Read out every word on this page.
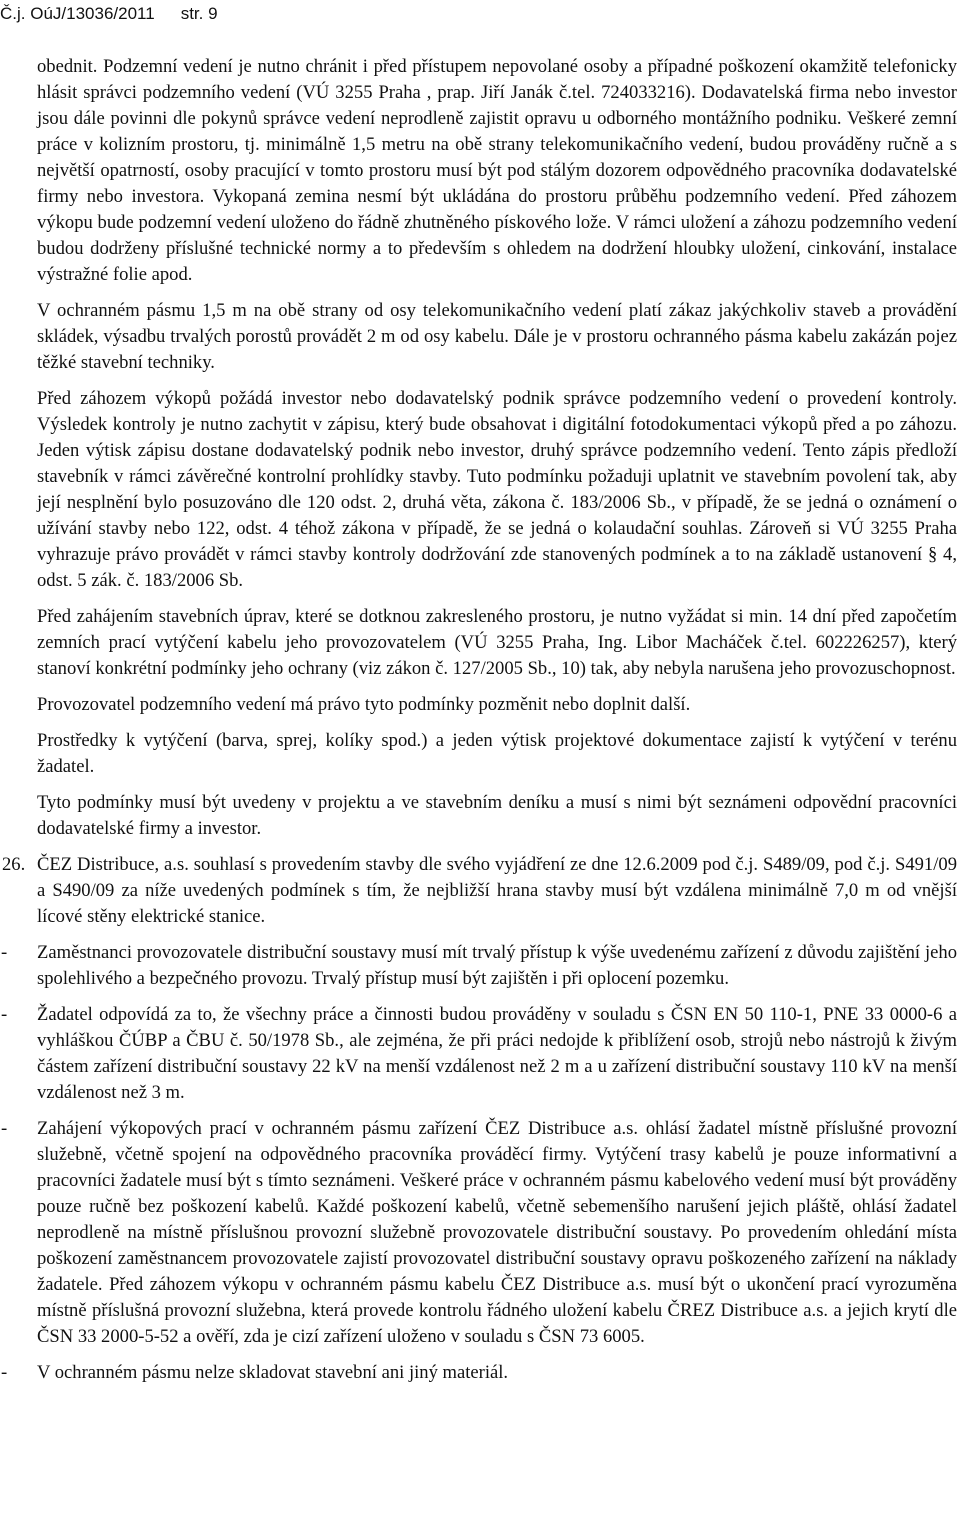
Č.j. OúJ/13036/2011 str. 9

obednit. Podzemní vedení je nutno chránit i před přístupem nepovolané osoby a případné poškození okamžitě telefonicky hlásit správci podzemního vedení (VÚ 3255 Praha , prap. Jiří Janák č.tel. 724033216). Dodavatelská firma nebo investor jsou dále povinni dle pokynů správce vedení neprodleně zajistit opravu u odborného montážního podniku. Veškeré zemní práce v kolizním prostoru, tj. minimálně 1,5 metru na obě strany telekomunikačního vedení, budou prováděny ručně a s největší opatrností, osoby pracující v tomto prostoru musí být pod stálým dozorem odpovědného pracovníka dodavatelské firmy nebo investora. Vykopaná zemina nesmí být ukládána do prostoru průběhu podzemního vedení. Před záhozem výkopu bude podzemní vedení uloženo do řádně zhutněného pískového lože. V rámci uložení a záhozu podzemního vedení budou dodrženy příslušné technické normy a to především s ohledem na dodržení hloubky uložení, cinkování, instalace výstražné folie apod.

V ochranném pásmu 1,5 m na obě strany od osy telekomunikačního vedení platí zákaz jakýchkoliv staveb a provádění skládek, výsadbu trvalých porostů provádět 2 m od osy kabelu. Dále je v prostoru ochranného pásma kabelu zakázán pojez těžké stavební techniky.

Před záhozem výkopů požádá investor nebo dodavatelský podnik správce podzemního vedení o provedení kontroly. Výsledek kontroly je nutno zachytit v zápisu, který bude obsahovat i digitální fotodokumentaci výkopů před a po záhozu. Jeden výtisk zápisu dostane dodavatelský podnik nebo investor, druhý správce podzemního vedení. Tento zápis předloží stavebník v rámci závěrečné kontrolní prohlídky stavby. Tuto podmínku požaduji uplatnit ve stavebním povolení tak, aby její nesplnění bylo posuzováno dle 120 odst. 2, druhá věta, zákona č. 183/2006 Sb., v případě, že se jedná o oznámení o užívání stavby nebo 122, odst. 4 téhož zákona v případě, že se jedná o kolaudační souhlas. Zároveň si VÚ 3255 Praha vyhrazuje právo provádět v rámci stavby kontroly dodržování zde stanovených podmínek a to na základě ustanovení § 4, odst. 5 zák. č. 183/2006 Sb.

Před zahájením stavebních úprav, které se dotknou zakresleného prostoru, je nutno vyžádat si min. 14 dní před započetím zemních prací vytýčení kabelu jeho provozovatelem (VÚ 3255 Praha, Ing. Libor Macháček č.tel. 602226257), který stanoví konkrétní podmínky jeho ochrany (viz zákon č. 127/2005 Sb., 10) tak, aby nebyla narušena jeho provozuschopnost.

Provozovatel podzemního vedení má právo tyto podmínky pozměnit nebo doplnit další.

Prostředky k vytýčení (barva, sprej, kolíky spod.) a jeden výtisk projektové dokumentace zajistí k vytýčení v terénu žadatel.

Tyto podmínky musí být uvedeny v projektu a ve stavebním deníku a musí s nimi být seznámeni odpovědní pracovníci dodavatelské firmy a investor.

26. ČEZ Distribuce, a.s. souhlasí s provedením stavby dle svého vyjádření ze dne 12.6.2009 pod č.j. S489/09, pod č.j. S491/09 a S490/09 za níže uvedených podmínek s tím, že nejbližší hrana stavby musí být vzdálena minimálně 7,0 m od vnější lícové stěny elektrické stanice.
-	Zaměstnanci provozovatele distribuční soustavy musí mít trvalý přístup k výše uvedenému zařízení z důvodu zajištění jeho spolehlivého a bezpečného provozu. Trvalý přístup musí být zajištěn i při oplocení pozemku.
-	Žadatel odpovídá za to, že všechny práce a činnosti budou prováděny v souladu s ČSN EN 50 110-1, PNE 33 0000-6 a vyhláškou ČÚBP a ČBU č. 50/1978 Sb., ale zejména, že při práci nedojde k přiblížení osob, strojů nebo nástrojů k živým částem zařízení distribuční soustavy 22 kV na menší vzdálenost než 2 m a u zařízení distribuční soustavy 110 kV na menší vzdálenost než 3 m.
-	Zahájení výkopových prací v ochranném pásmu zařízení ČEZ Distribuce a.s. ohlásí žadatel místně příslušné provozní služebně, včetně spojení na odpovědného pracovníka prováděcí firmy. Vytýčení trasy kabelů je pouze informativní a pracovníci žadatele musí být s tímto seznámeni. Veškeré práce v ochranném pásmu kabelového vedení musí být prováděny pouze ručně bez poškození kabelů. Každé poškození kabelů, včetně sebemenšího narušení jejich pláště, ohlásí žadatel neprodleně na místně příslušnou provozní služebně provozovatele distribuční soustavy. Po provedením ohledání místa poškození zaměstnancem provozovatele zajistí provozovatel distribuční soustavy opravu poškozeného zařízení na náklady žadatele. Před záhozem výkopu v ochranném pásmu kabelu ČEZ Distribuce a.s. musí být o ukončení prací vyrozuměna místně příslušná provozní služebna, která provede kontrolu řádného uložení kabelu ČREZ Distribuce a.s. a jejich krytí dle ČSN 33 2000-5-52 a ověří, zda je cizí zařízení uloženo v souladu s ČSN 73 6005.
-	V ochranném pásmu nelze skladovat stavební ani jiný materiál.
